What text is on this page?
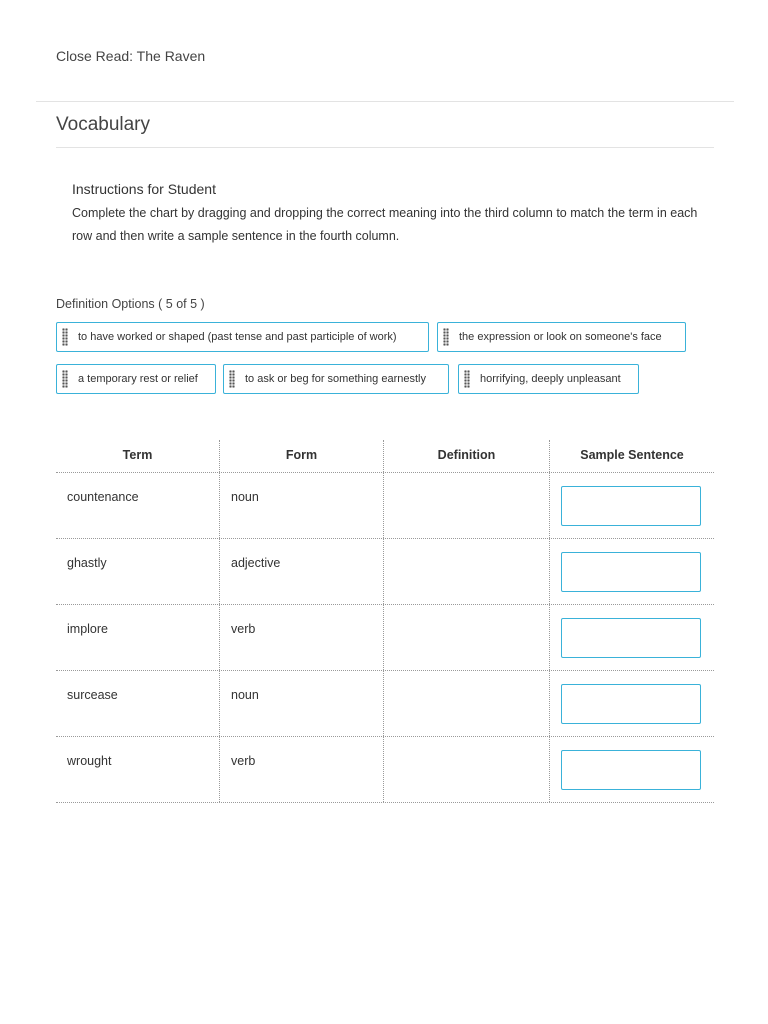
Close Read: The Raven
Vocabulary
Instructions for Student
Complete the chart by dragging and dropping the correct meaning into the third column to match the term in each row and then write a sample sentence in the fourth column.
Definition Options ( 5 of 5 )
to have worked or shaped (past tense and past participle of work)	the expression or look on someone's face
a temporary rest or relief	to ask or beg for something earnestly	horrifying, deeply unpleasant
Term	Form	Definition	Sample Sentence
countenance	noun
ghastly	adjective
implore	verb
surcease	noun
wrought	verb
